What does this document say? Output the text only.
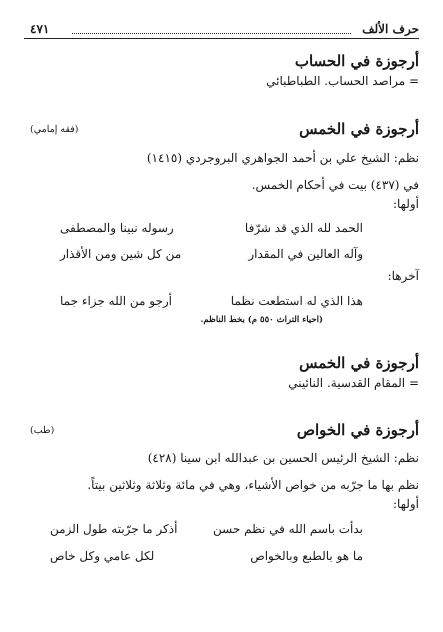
حرف الألف
٤٧١
أرجوزة في الحساب
= مراصد الحساب. الطباطبائي
أرجوزة في الخمس
(فقه إمامي)
نظم: الشيخ علي بن أحمد الجواهري البروجردي (١٤١٥)
في (٤٣٧) بيت في أحكام الخمس.
أولها:
الحمد لله الذي قد شرّفا
رسوله نبينا والمصطفى
وآله العالين في المقدار
من كل شين ومن الأقذار
آخرها:
هذا الذي له استطعت نظما
أرجو من الله جزاء جما
(احياء التراث ٥٥٠ م) بخط الناظم.
أرجوزة في الخمس
= المقام القدسية. النائيني
أرجوزة في الخواص
(طب)
نظم: الشيخ الرئيس الحسين بن عبدالله ابن سينا (٤٢٨)
نظم بها ما جرّبه من خواص الأشياء، وهي في مائة وثلاثة وثلاثين بيتاً.
أولها:
بدأت باسم الله في نظم حسن
أذكر ما جرّبته طول الزمن
ما هو بالطبع وبالخواص
لكل عامي وكل خاص
